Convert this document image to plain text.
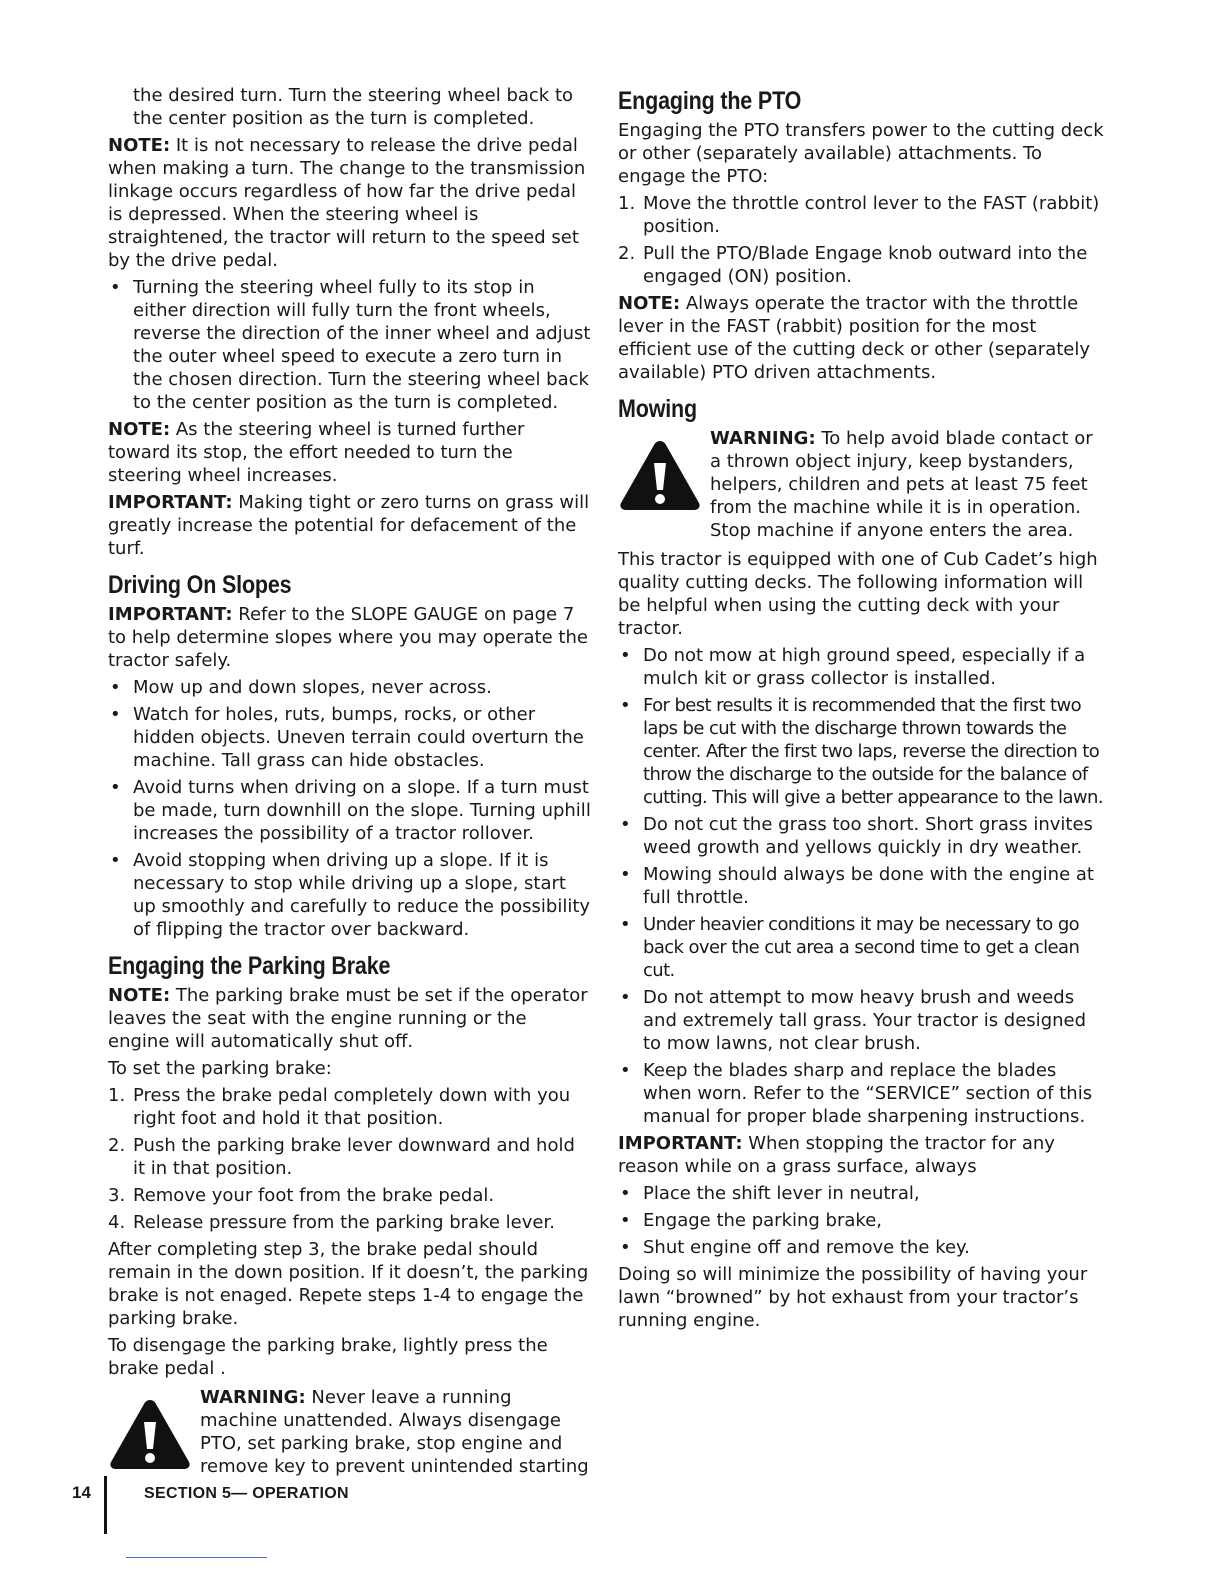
the desired turn. Turn the steering wheel back to the center position as the turn is completed.

NOTE: It is not necessary to release the drive pedal when making a turn. The change to the transmission linkage occurs regardless of how far the drive pedal is depressed. When the steering wheel is straightened, the tractor will return to the speed set by the drive pedal.

• Turning the steering wheel fully to its stop in either direction will fully turn the front wheels, reverse the direction of the inner wheel and adjust the outer wheel speed to execute a zero turn in the chosen direction. Turn the steering wheel back to the center position as the turn is completed.

NOTE: As the steering wheel is turned further toward its stop, the effort needed to turn the steering wheel increases.

IMPORTANT: Making tight or zero turns on grass will greatly increase the potential for defacement of the turf.

Driving On Slopes

IMPORTANT: Refer to the SLOPE GAUGE on page 7 to help determine slopes where you may operate the tractor safely.

• Mow up and down slopes, never across.
• Watch for holes, ruts, bumps, rocks, or other hidden objects. Uneven terrain could overturn the machine. Tall grass can hide obstacles.
• Avoid turns when driving on a slope. If a turn must be made, turn downhill on the slope. Turning uphill increases the possibility of a tractor rollover.
• Avoid stopping when driving up a slope. If it is necessary to stop while driving up a slope, start up smoothly and carefully to reduce the possibility of flipping the tractor over backward.
Engaging the Parking Brake

NOTE: The parking brake must be set if the operator leaves the seat with the engine running or the engine will automatically shut off.

To set the parking brake:

1. Press the brake pedal completely down with you right foot and hold it that position.
2. Push the parking brake lever downward and hold it in that position.
3. Remove your foot from the brake pedal.
4. Release pressure from the parking brake lever.

After completing step 3, the brake pedal should remain in the down position. If it doesn’t, the parking brake is not enaged. Repete steps 1-4 to engage the parking brake.

To disengage the parking brake, lightly press the brake pedal .

WARNING: Never leave a running machine unattended. Always disengage PTO, set parking brake, stop engine and remove key to prevent unintended starting
Engaging the PTO

Engaging the PTO transfers power to the cutting deck or other (separately available) attachments. To engage the PTO:

1. Move the throttle control lever to the FAST (rabbit) position.
2. Pull the PTO/Blade Engage knob outward into the engaged (ON) position.

NOTE: Always operate the tractor with the throttle lever in the FAST (rabbit) position for the most efficient use of the cutting deck or other (separately available) PTO driven attachments.

Mowing
WARNING: To help avoid blade contact or a thrown object injury, keep bystanders, helpers, children and pets at least 75 feet from the machine while it is in operation. Stop machine if anyone enters the area.

This tractor is equipped with one of Cub Cadet’s high quality cutting decks. The following information will be helpful when using the cutting deck with your tractor.

• Do not mow at high ground speed, especially if a mulch kit or grass collector is installed.
• For best results it is recommended that the first two laps be cut with the discharge thrown towards the center. After the first two laps, reverse the direction to throw the discharge to the outside for the balance of cutting. This will give a better appearance to the lawn.
• Do not cut the grass too short. Short grass invites weed growth and yellows quickly in dry weather.
• Mowing should always be done with the engine at full throttle.
• Under heavier conditions it may be necessary to go back over the cut area a second time to get a clean cut.
• Do not attempt to mow heavy brush and weeds and extremely tall grass. Your tractor is designed to mow lawns, not clear brush.
• Keep the blades sharp and replace the blades when worn. Refer to the “SERVICE” section of this manual for proper blade sharpening instructions.

IMPORTANT: When stopping the tractor for any reason while on a grass surface, always

• Place the shift lever in neutral,
• Engage the parking brake,
• Shut engine off and remove the key.

Doing so will minimize the possibility of having your lawn “browned” by hot exhaust from your tractor’s running engine.

14	SECTION 5— OPERATION
